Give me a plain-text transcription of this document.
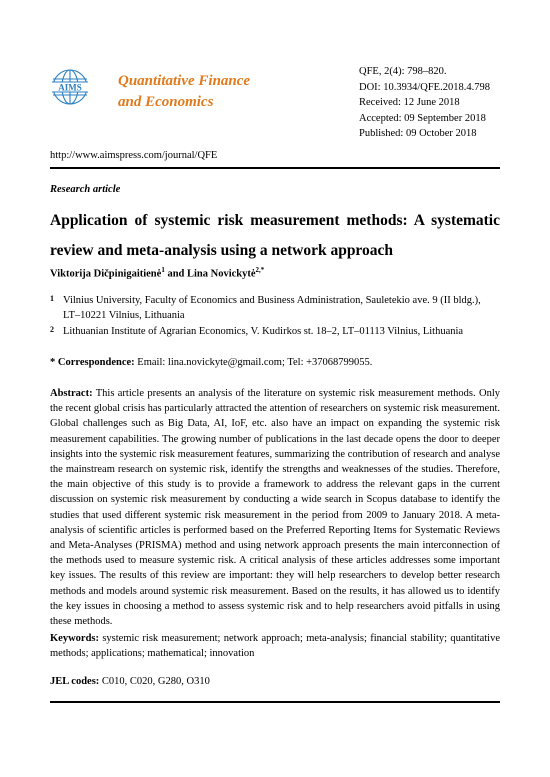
AIMS Quantitative Finance
and Economics
QFE, 2(4): 798–820.
DOI: 10.3934/QFE.2018.4.798
Received: 12 June 2018
Accepted: 09 September 2018
Published: 09 October 2018
http://www.aimspress.com/journal/QFE
Research article
Application of systemic risk measurement methods: A systematic review and meta-analysis using a network approach
Viktorija Dičpinigaitienė$^1$ and Lina Novickytė$^{2,*}$
1 Vilnius University, Faculty of Economics and Business Administration, Sauletekio ave. 9 (II bldg.), LT–10221 Vilnius, Lithuania
2 Lithuanian Institute of Agrarian Economics, V. Kudirkos st. 18–2, LT–01113 Vilnius, Lithuania
* Correspondence: Email: lina.novickyte@gmail.com; Tel: +37068799055.
Abstract: This article presents an analysis of the literature on systemic risk measurement methods. Only the recent global crisis has particularly attracted the attention of researchers on systemic risk measurement. Global challenges such as Big Data, AI, IoF, etc. also have an impact on expanding the systemic risk measurement capabilities. The growing number of publications in the last decade opens the door to deeper insights into the systemic risk measurement features, summarizing the contribution of research and analyse the mainstream research on systemic risk, identify the strengths and weaknesses of the studies. Therefore, the main objective of this study is to provide a framework to address the relevant gaps in the current discussion on systemic risk measurement by conducting a wide search in Scopus database to identify the studies that used different systemic risk measurement in the period from 2009 to January 2018. A meta-analysis of scientific articles is performed based on the Preferred Reporting Items for Systematic Reviews and Meta-Analyses (PRISMA) method and using network approach presents the main interconnection of the methods used to measure systemic risk. A critical analysis of these articles addresses some important key issues. The results of this review are important: they will help researchers to develop better research methods and models around systemic risk measurement. Based on the results, it has allowed us to identify the key issues in choosing a method to assess systemic risk and to help researchers avoid pitfalls in using these methods.
Keywords: systemic risk measurement; network approach; meta-analysis; financial stability; quantitative methods; applications; mathematical; innovation
JEL codes: C010, C020, G280, O310
